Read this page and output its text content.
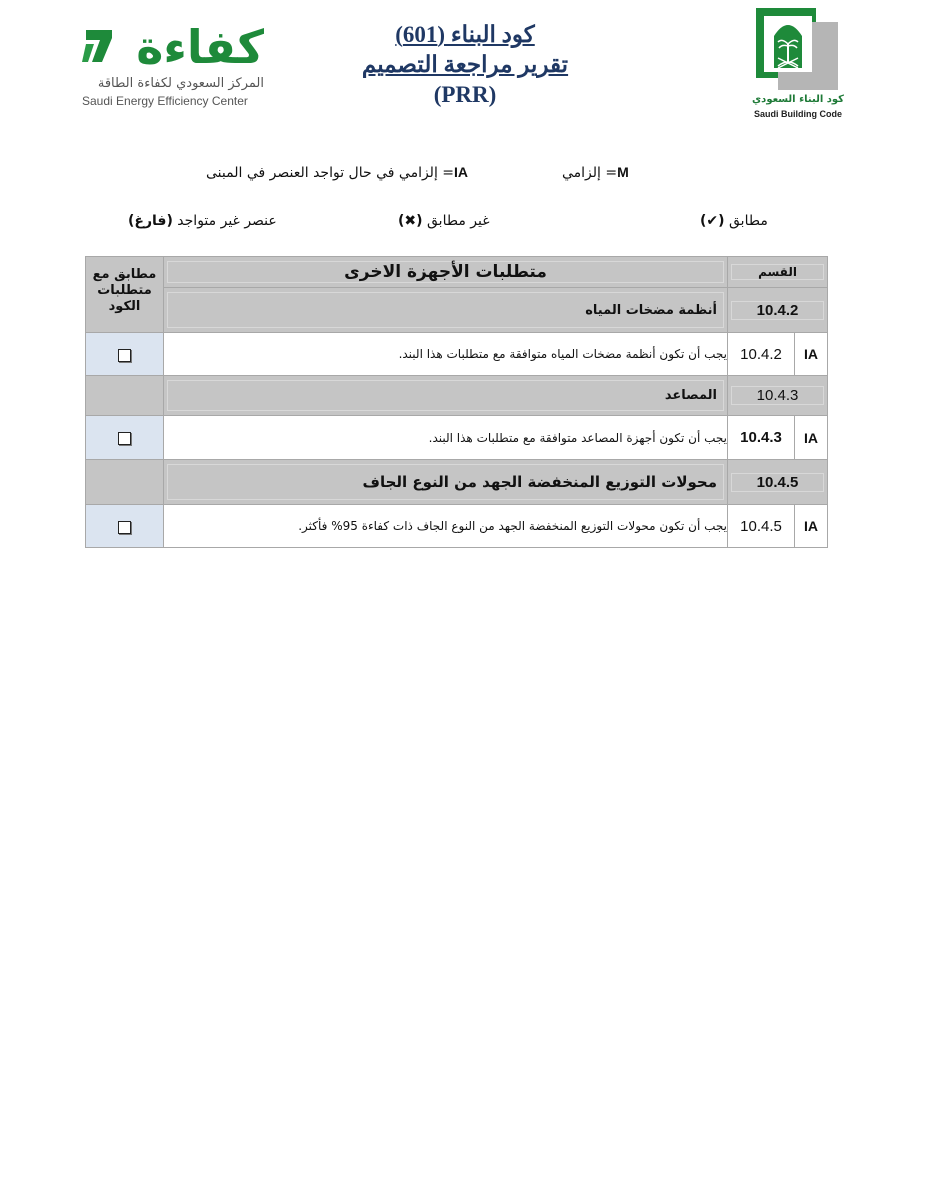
كفاءة
المركز السعودي لكفاءة الطاقة
Saudi Energy Efficiency Center
كود البناء (601)
تقرير مراجعة التصميم
(PRR)	كود البناء السعودي
Saudi Building Code
M= إلزامي
IA= إلزامي في حال تواجد العنصر في المبنى
مطابق (✔)
غير مطابق (✖)
عنصر غير متواجد (فارغ)
مطابق مع
متطلبات
الكود	متطلبات الأجهزة الاخرى	القسم	

أنظمة مضخات المياه	10.4.2	

	يجب أن تكون أنظمة مضخات المياه متوافقة مع متطلبات هذا البند.	10.4.2	IA

المصاعد	10.4.3	

	يجب أن تكون أجهزة المصاعد متوافقة مع متطلبات هذا البند.	10.4.3	IA

محولات التوزيع المنخفضة الجهد من النوع الجاف	10.4.5	

	يجب أن تكون محولات التوزيع المنخفضة الجهد من النوع الجاف ذات كفاءة 95% فأكثر.	10.4.5	IA
